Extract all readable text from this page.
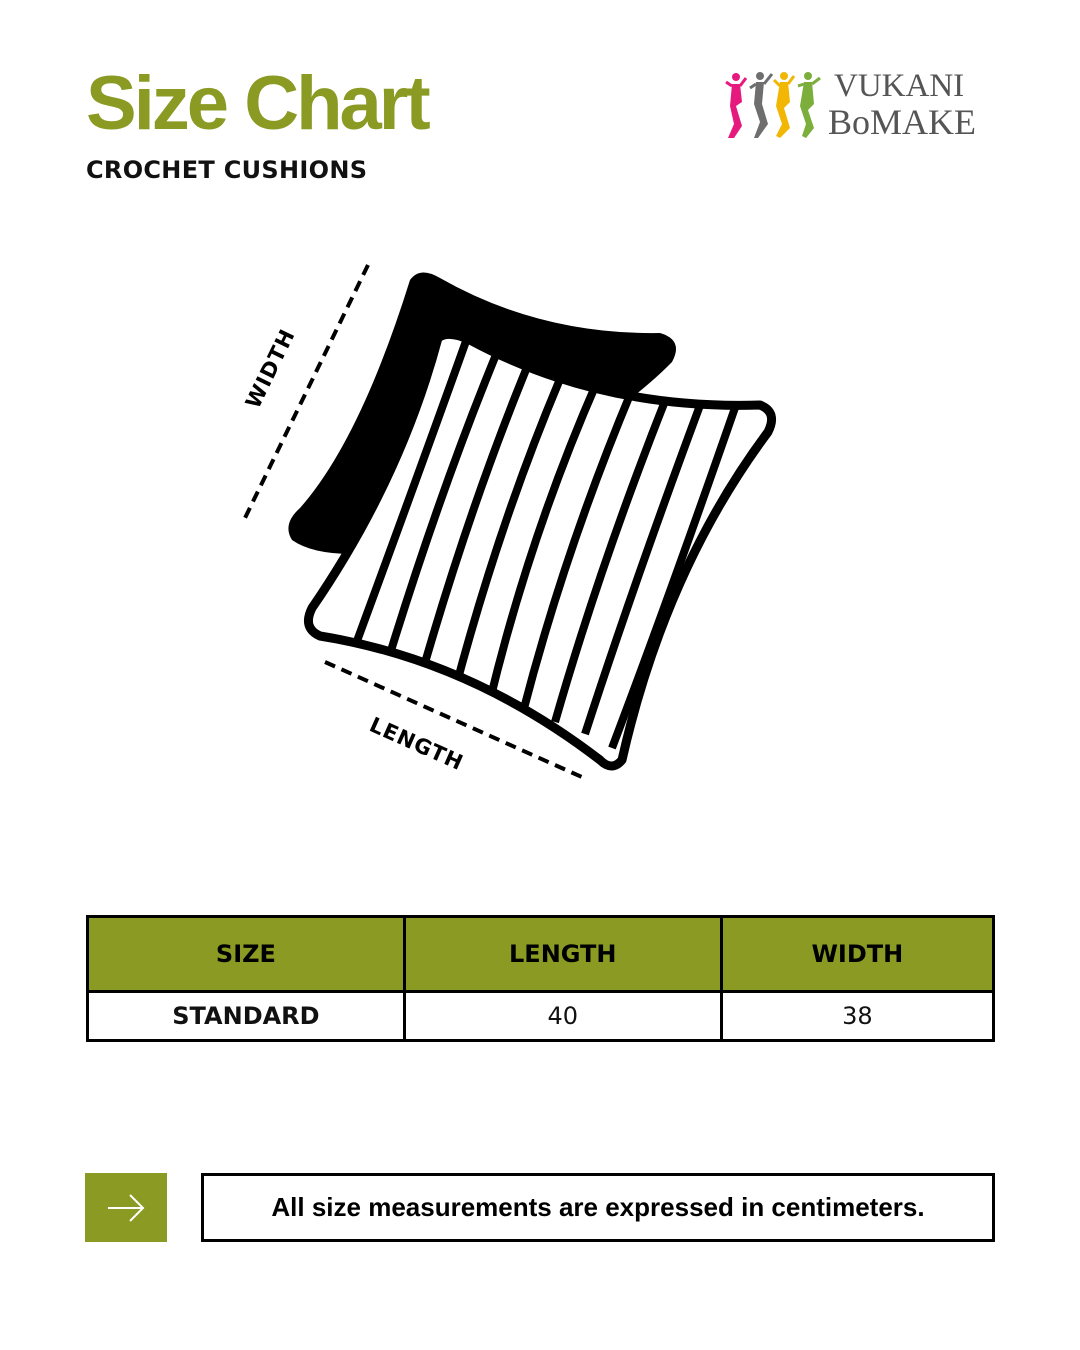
Size Chart
CROCHET CUSHIONS
VUKANI
BoMAKE
WIDTH
LENGTH
SIZE	LENGTH	WIDTH
STANDARD	40	38
All size measurements are expressed in centimeters.
